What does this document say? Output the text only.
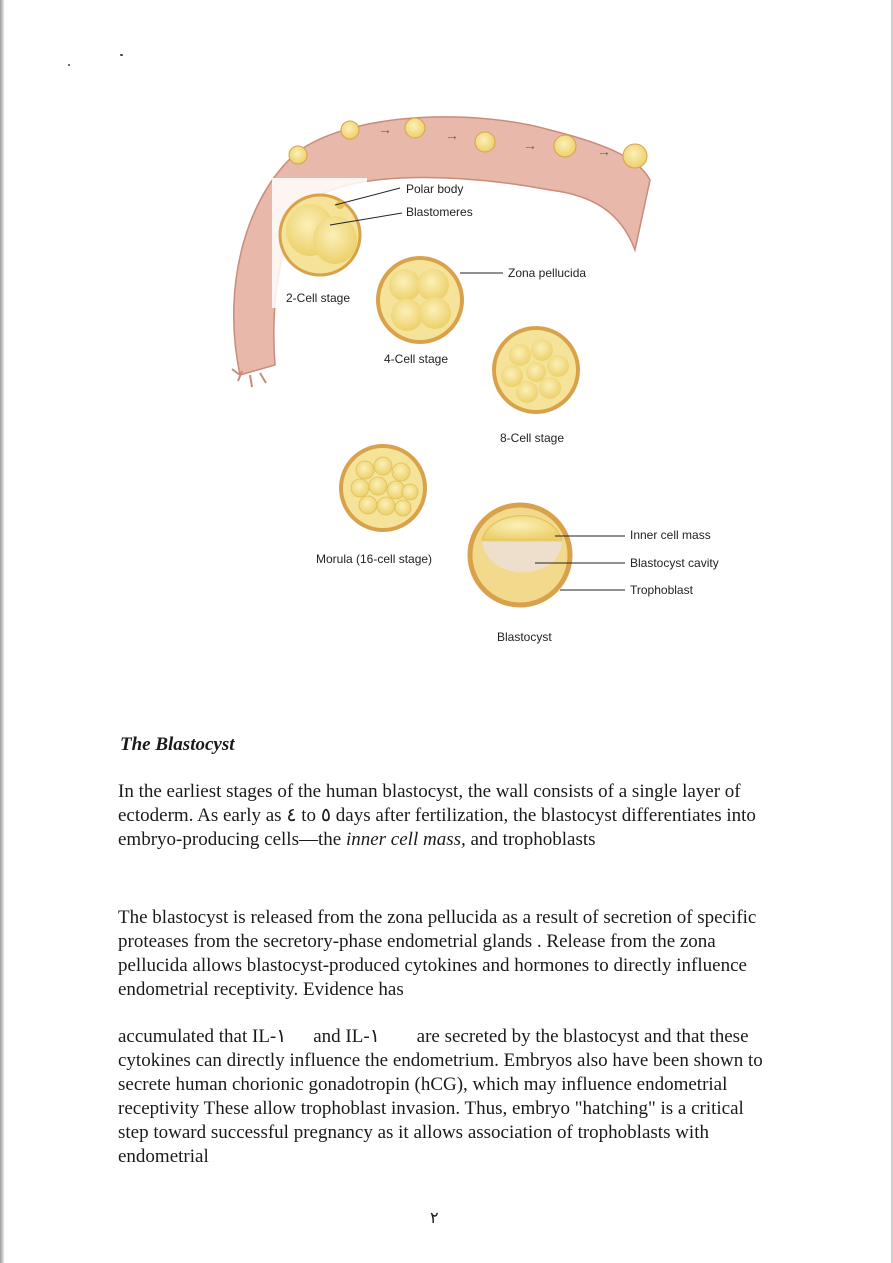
→	→
→	→
Polar body
Blastomeres
Zona pellucida
2-Cell stage
4-Cell stage
8-Cell stage
Morula (16-cell stage)
Inner cell mass
Blastocyst cavity
Trophoblast
Blastocyst
The Blastocyst
In the earliest stages of the human blastocyst, the wall consists of a single layer of ectoderm. As early as ٤ to ٥ days after fertilization, the blastocyst differentiates into embryo-producing cells—the inner cell mass, and trophoblasts
The blastocyst is released from the zona pellucida as a result of secretion of specific proteases from the secretory-phase endometrial glands . Release from the zona pellucida allows blastocyst-produced cytokines and hormones to directly influence endometrial receptivity. Evidence has
accumulated that IL-١ and IL-١ are secreted by the blastocyst and that these cytokines can directly influence the endometrium. Embryos also have been shown to secrete human chorionic gonadotropin (hCG), which may influence endometrial receptivity These allow trophoblast invasion. Thus, embryo "hatching" is a critical step toward successful pregnancy as it allows association of trophoblasts with endometrial
٢
